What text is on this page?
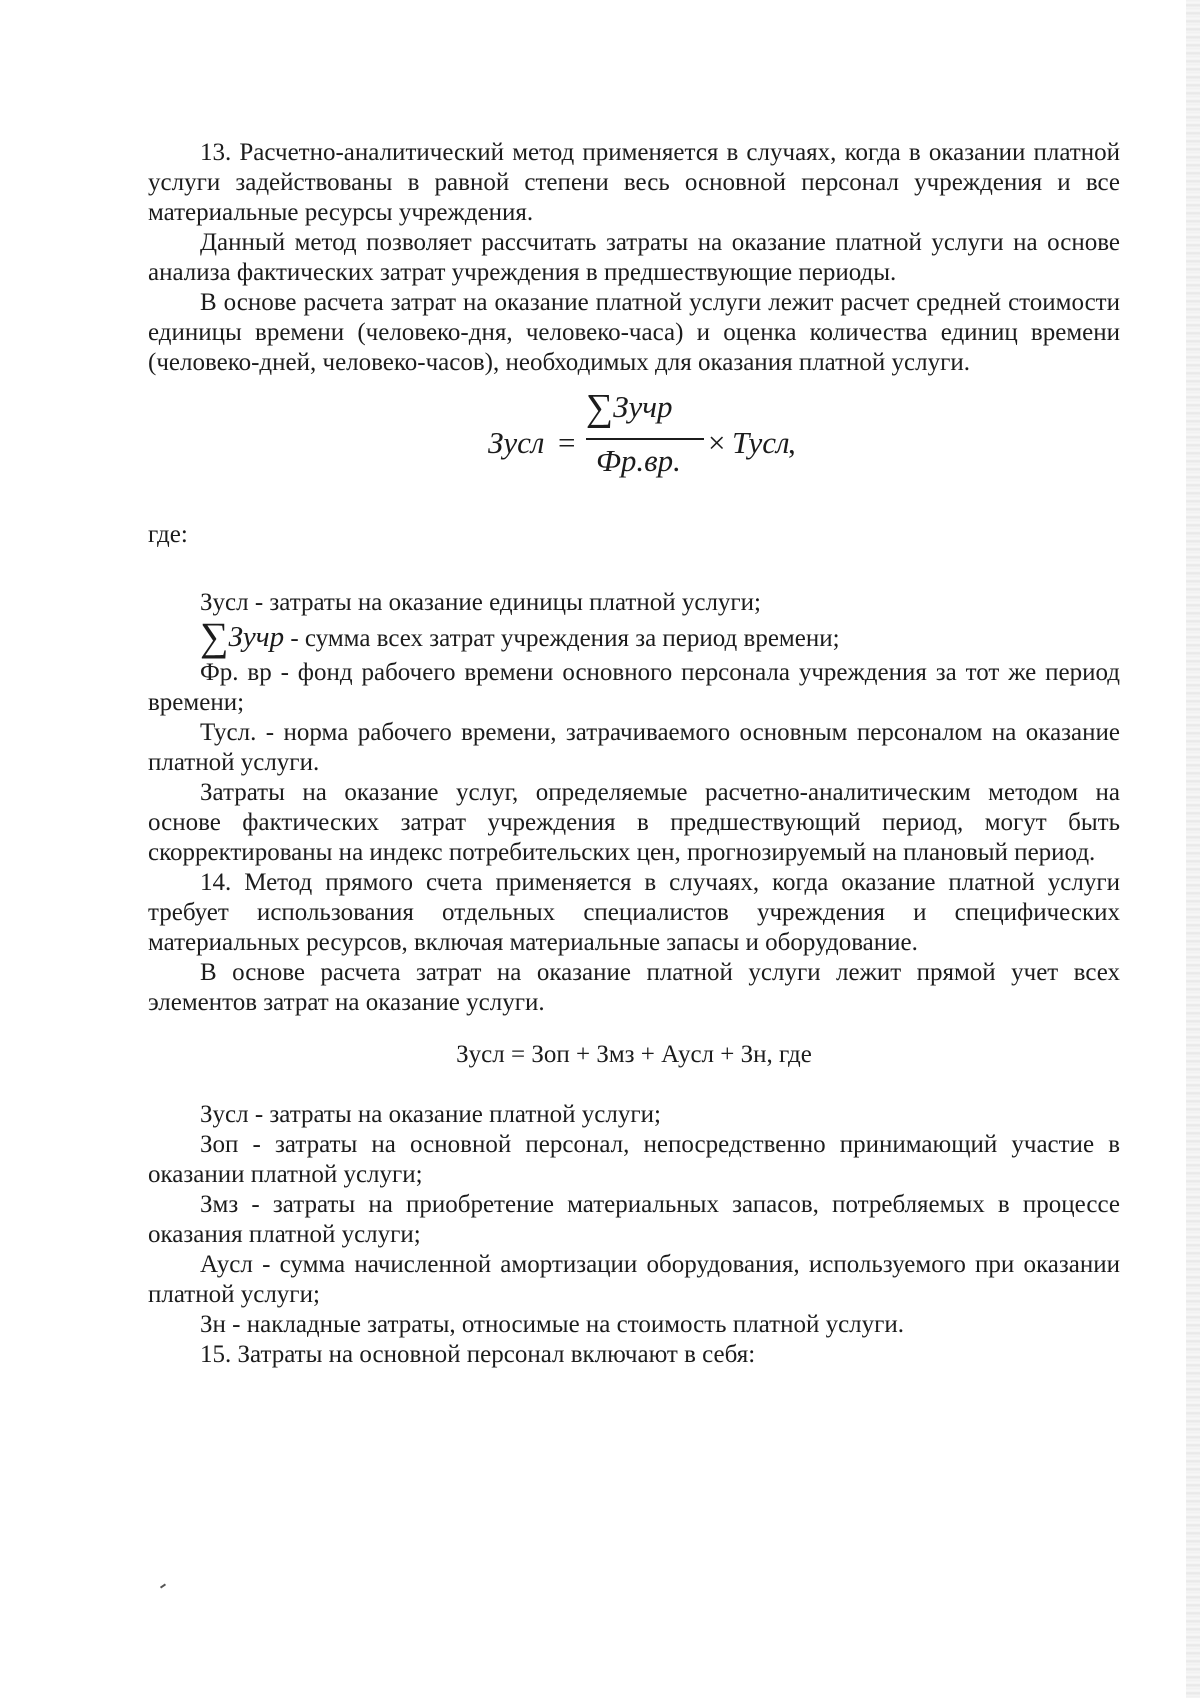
13. Расчетно-аналитический метод применяется в случаях, когда в оказании платной услуги задействованы в равной степени весь основной персонал учреждения и все материальные ресурсы учреждения.

Данный метод позволяет рассчитать затраты на оказание платной услуги на основе анализа фактических затрат учреждения в предшествующие периоды.

В основе расчета затрат на оказание платной услуги лежит расчет средней стоимости единицы времени (человеко-дня, человеко-часа) и оценка количества единиц времени (человеко-дней, человеко-часов), необходимых для оказания платной услуги.

Зусл =
∑Зучр
Фр.вр.
× Тусл
,

где:

Зусл - затраты на оказание единицы платной услуги;

∑Зучр - сумма всех затрат учреждения за период времени;

Фр. вр - фонд рабочего времени основного персонала учреждения за тот же период времени;

Тусл. - норма рабочего времени, затрачиваемого основным персоналом на оказание платной услуги.

Затраты на оказание услуг, определяемые расчетно-аналитическим методом на основе фактических затрат учреждения в предшествующий период, могут быть скорректированы на индекс потребительских цен, прогнозируемый на плановый период.

14. Метод прямого счета применяется в случаях, когда оказание платной услуги требует использования отдельных специалистов учреждения и специфических материальных ресурсов, включая материальные запасы и оборудование.

В основе расчета затрат на оказание платной услуги лежит прямой учет всех элементов затрат на оказание услуги.

Зусл = Зоп + Змз + Аусл + Зн, где

Зусл - затраты на оказание платной услуги;

Зоп - затраты на основной персонал, непосредственно принимающий участие в оказании платной услуги;

Змз - затраты на приобретение материальных запасов, потребляемых в процессе оказания платной услуги;

Аусл - сумма начисленной амортизации оборудования, используемого при оказании платной услуги;

Зн - накладные затраты, относимые на стоимость платной услуги.

15. Затраты на основной персонал включают в себя:
